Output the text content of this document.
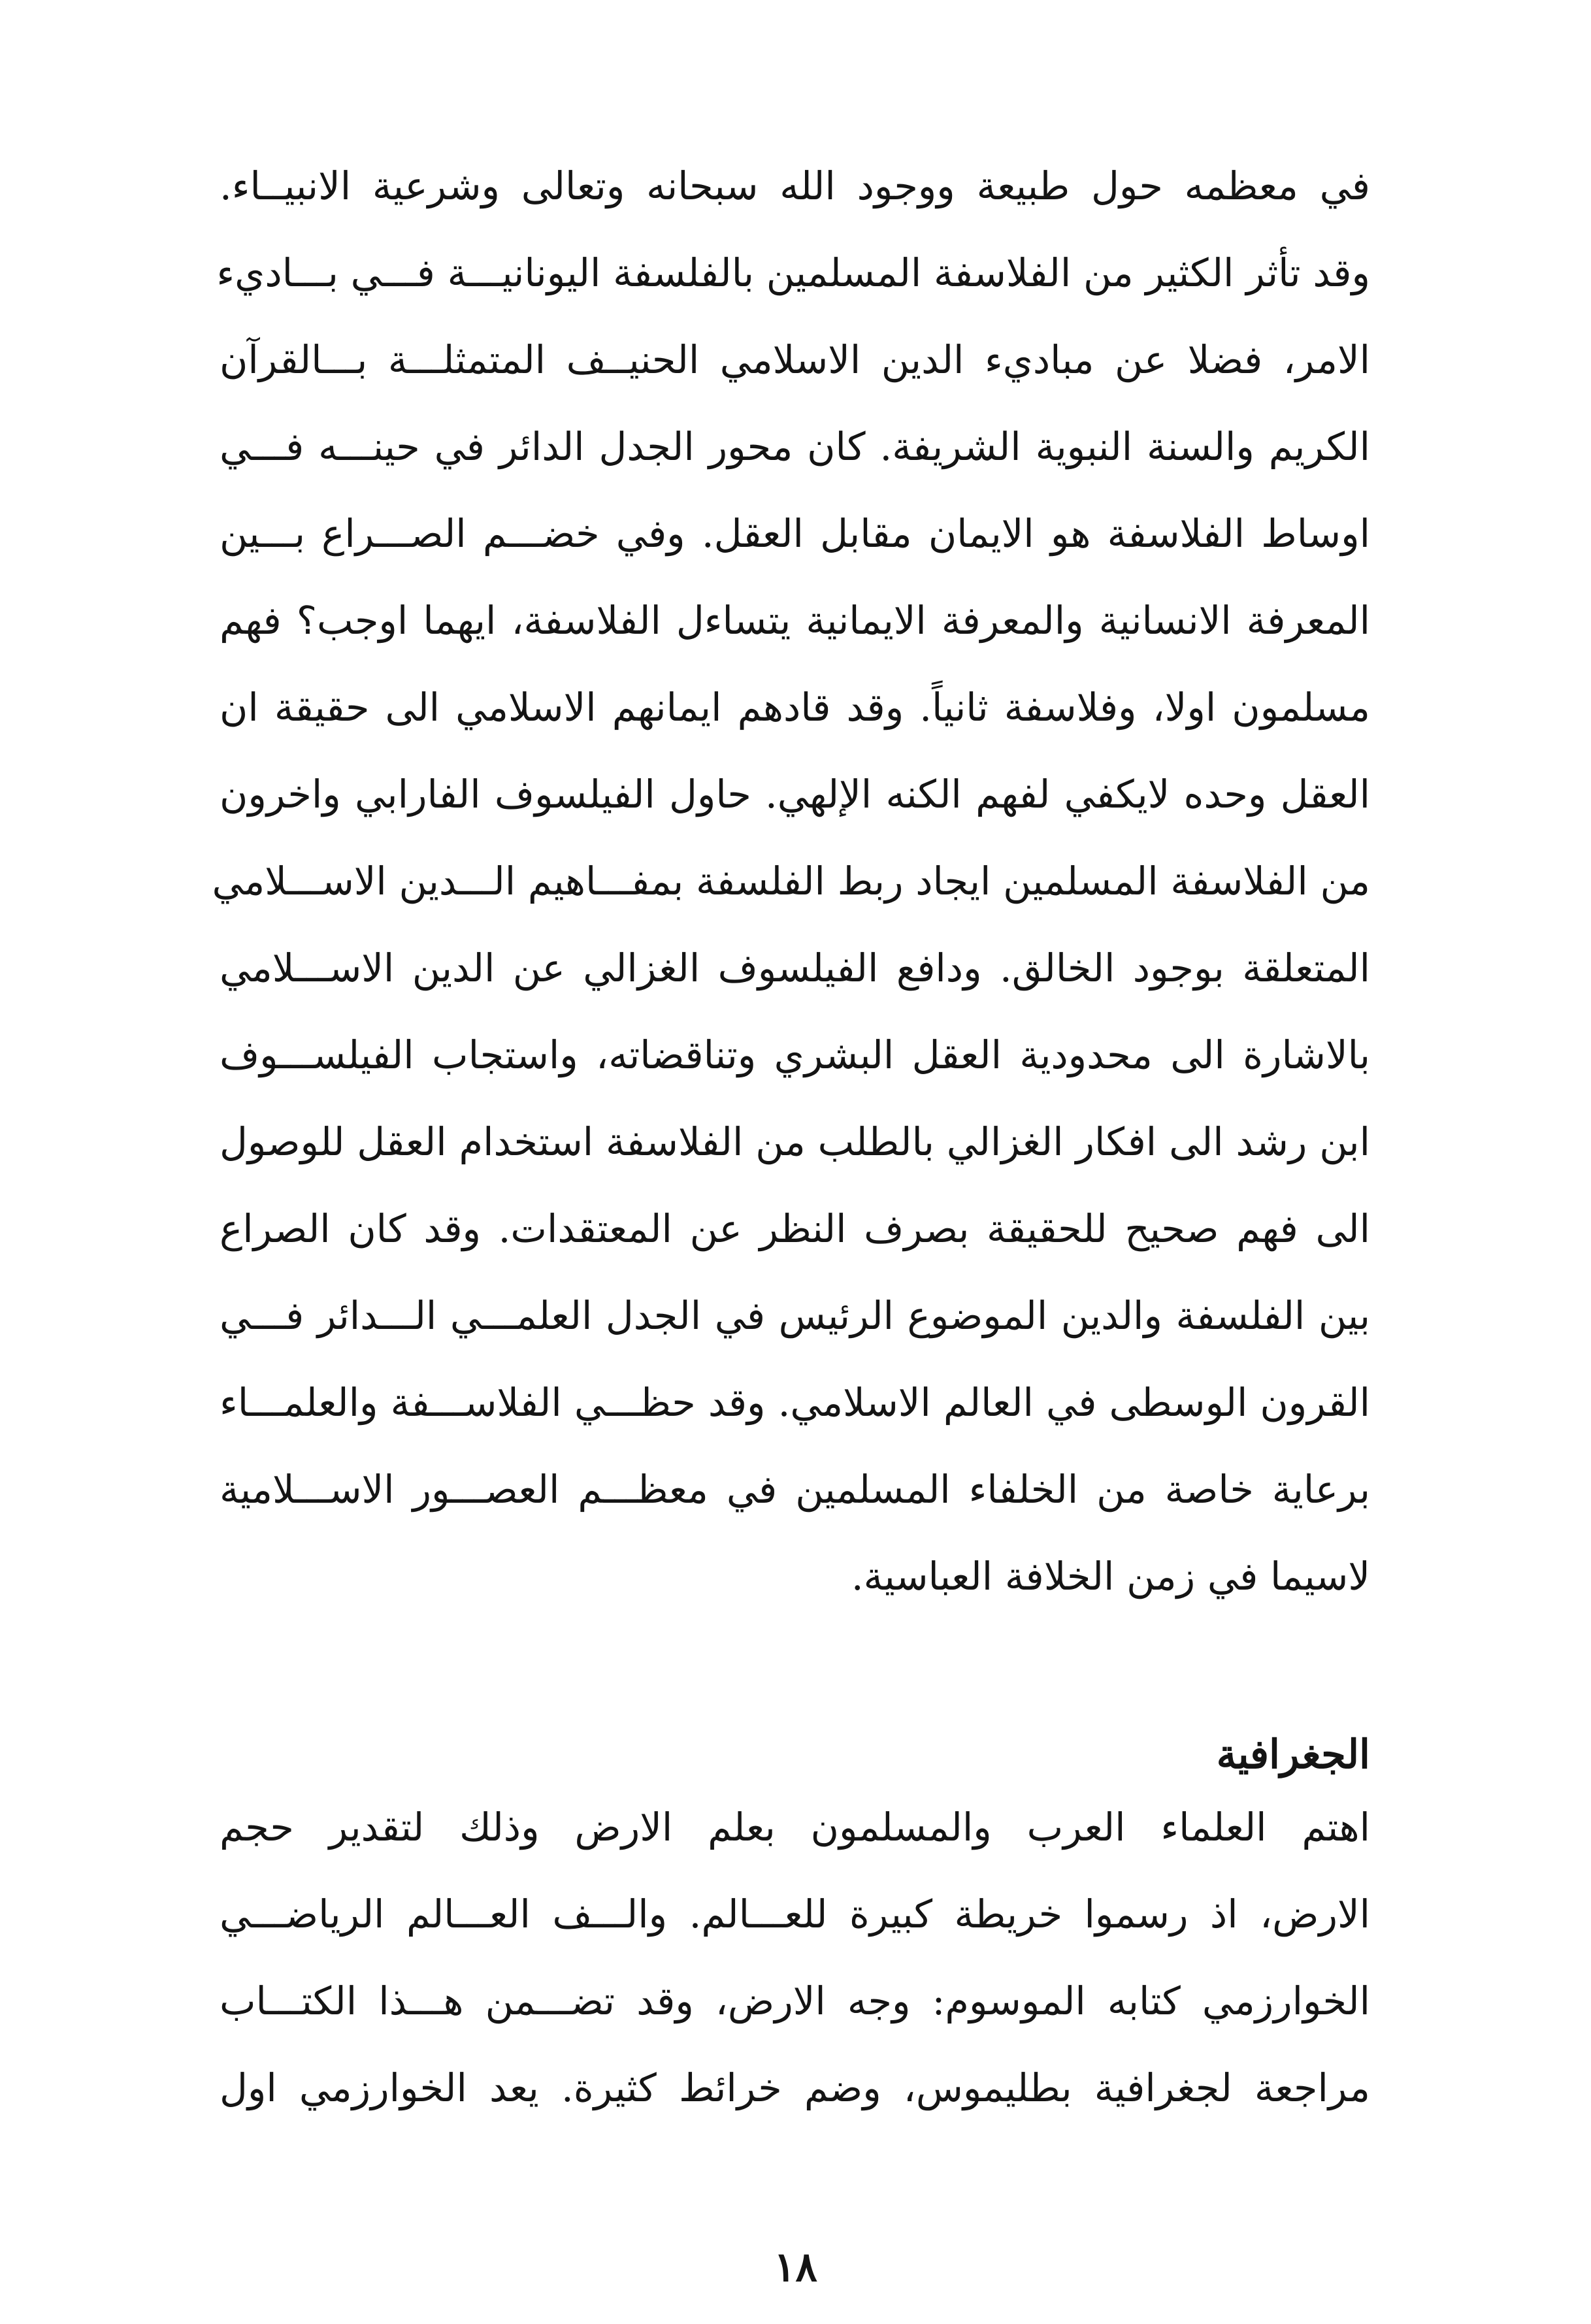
في معظمه حول طبيعة ووجود الله سبحانه وتعالى وشرعية الانبيــاء.
وقد تأثر الكثير من الفلاسفة المسلمين بالفلسفة اليونانيـــة فـــي بـــاديء
الامر، فضلا عن مباديء الدين الاسلامي الحنيــف المتمثلـــة بـــالقرآن
الكريم والسنة النبوية الشريفة. كان محور الجدل الدائر في حينـــه فـــي
اوساط الفلاسفة هو الايمان مقابل العقل. وفي خضـــم الصـــراع بـــين
المعرفة الانسانية والمعرفة الايمانية يتساءل الفلاسفة، ايهما اوجب؟ فهم
مسلمون اولا، وفلاسفة ثانياً. وقد قادهم ايمانهم الاسلامي الى حقيقة ان
العقل وحده لايكفي لفهم الكنه الإلهي. حاول الفيلسوف الفارابي واخرون
من الفلاسفة المسلمين ايجاد ربط الفلسفة بمفـــاهيم الـــدين الاســـلامي
المتعلقة بوجود الخالق. ودافع الفيلسوف الغزالي عن الدين الاســـلامي
بالاشارة الى محدودية العقل البشري وتناقضاته، واستجاب الفيلســـوف
ابن رشد الى افكار الغزالي بالطلب من الفلاسفة استخدام العقل للوصول
الى فهم صحيح للحقيقة بصرف النظر عن المعتقدات. وقد كان الصراع
بين الفلسفة والدين الموضوع الرئيس في الجدل العلمـــي الـــدائر فـــي
القرون الوسطى في العالم الاسلامي. وقد حظـــي الفلاســـفة والعلمـــاء
برعاية خاصة من الخلفاء المسلمين في معظـــم العصـــور الاســـلامية
لاسيما في زمن الخلافة العباسية.
الجغرافية
اهتم العلماء العرب والمسلمون بعلم الارض وذلك لتقدير حجم
الارض، اذ رسموا خريطة كبيرة للعـــالم. والـــف العـــالم الرياضـــي
الخوارزمي كتابه الموسوم: وجه الارض، وقد تضـــمن هـــذا الكتـــاب
مراجعة لجغرافية بطليموس، وضم خرائط كثيرة. يعد الخوارزمي اول
١٨
